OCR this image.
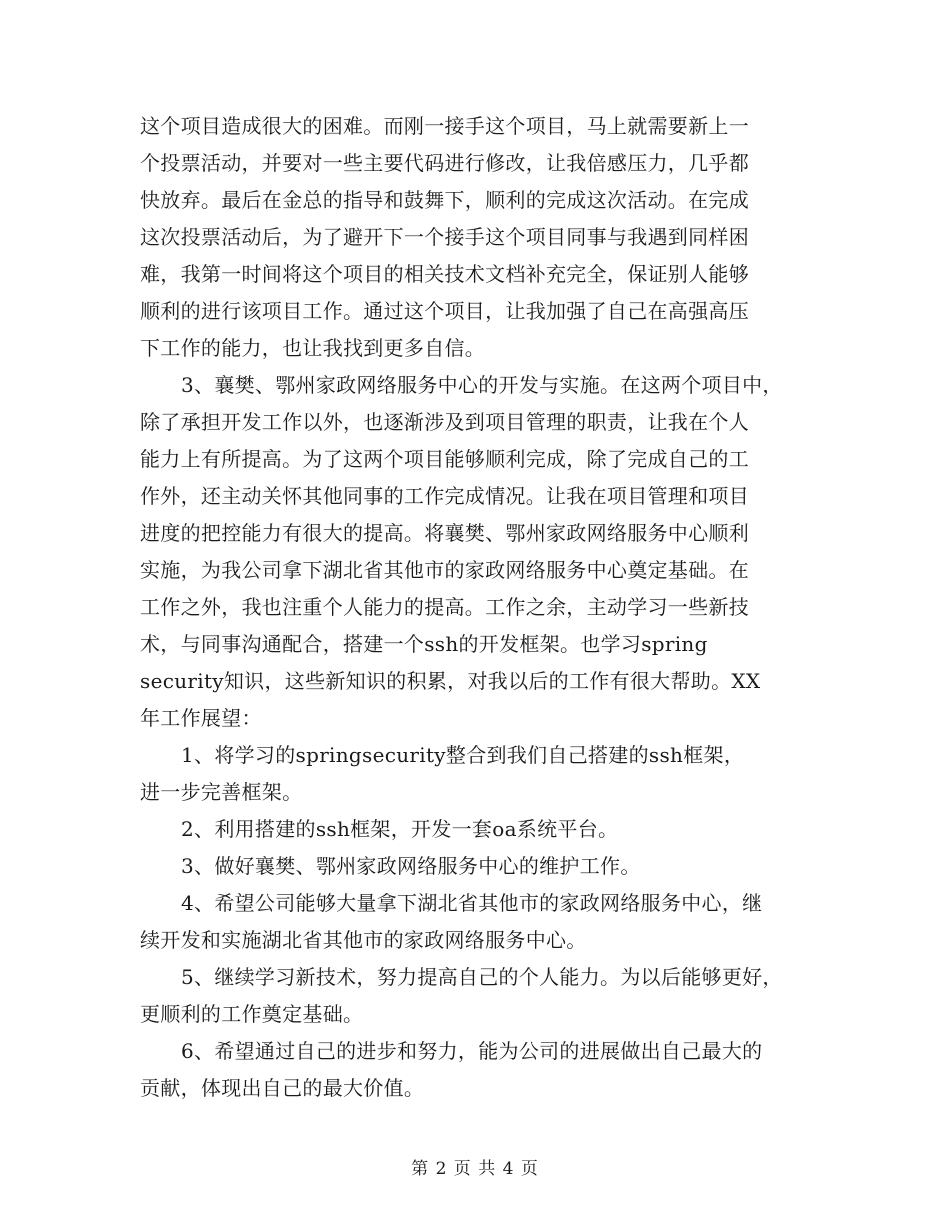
这个项目造成很大的困难。而刚一接手这个项目，马上就需要新上一
个投票活动，并要对一些主要代码进行修改，让我倍感压力，几乎都
快放弃。最后在金总的指导和鼓舞下，顺利的完成这次活动。在完成
这次投票活动后，为了避开下一个接手这个项目同事与我遇到同样困
难，我第一时间将这个项目的相关技术文档补充完全，保证别人能够
顺利的进行该项目工作。通过这个项目，让我加强了自己在高强高压
下工作的能力，也让我找到更多自信。
3、襄樊、鄂州家政网络服务中心的开发与实施。在这两个项目中，
除了承担开发工作以外，也逐渐涉及到项目管理的职责，让我在个人
能力上有所提高。为了这两个项目能够顺利完成，除了完成自己的工
作外，还主动关怀其他同事的工作完成情况。让我在项目管理和项目
进度的把控能力有很大的提高。将襄樊、鄂州家政网络服务中心顺利
实施，为我公司拿下湖北省其他市的家政网络服务中心奠定基础。在
工作之外，我也注重个人能力的提高。工作之余，主动学习一些新技
术，与同事沟通配合，搭建一个ssh的开发框架。也学习spring
security知识，这些新知识的积累，对我以后的工作有很大帮助。XX
年工作展望：
1、将学习的springsecurity整合到我们自己搭建的ssh框架，
进一步完善框架。
2、利用搭建的ssh框架，开发一套oa系统平台。
3、做好襄樊、鄂州家政网络服务中心的维护工作。
4、希望公司能够大量拿下湖北省其他市的家政网络服务中心，继
续开发和实施湖北省其他市的家政网络服务中心。
5、继续学习新技术，努力提高自己的个人能力。为以后能够更好，
更顺利的工作奠定基础。
6、希望通过自己的进步和努力，能为公司的进展做出自己最大的
贡献，体现出自己的最大价值。
第 2 页 共 4 页
